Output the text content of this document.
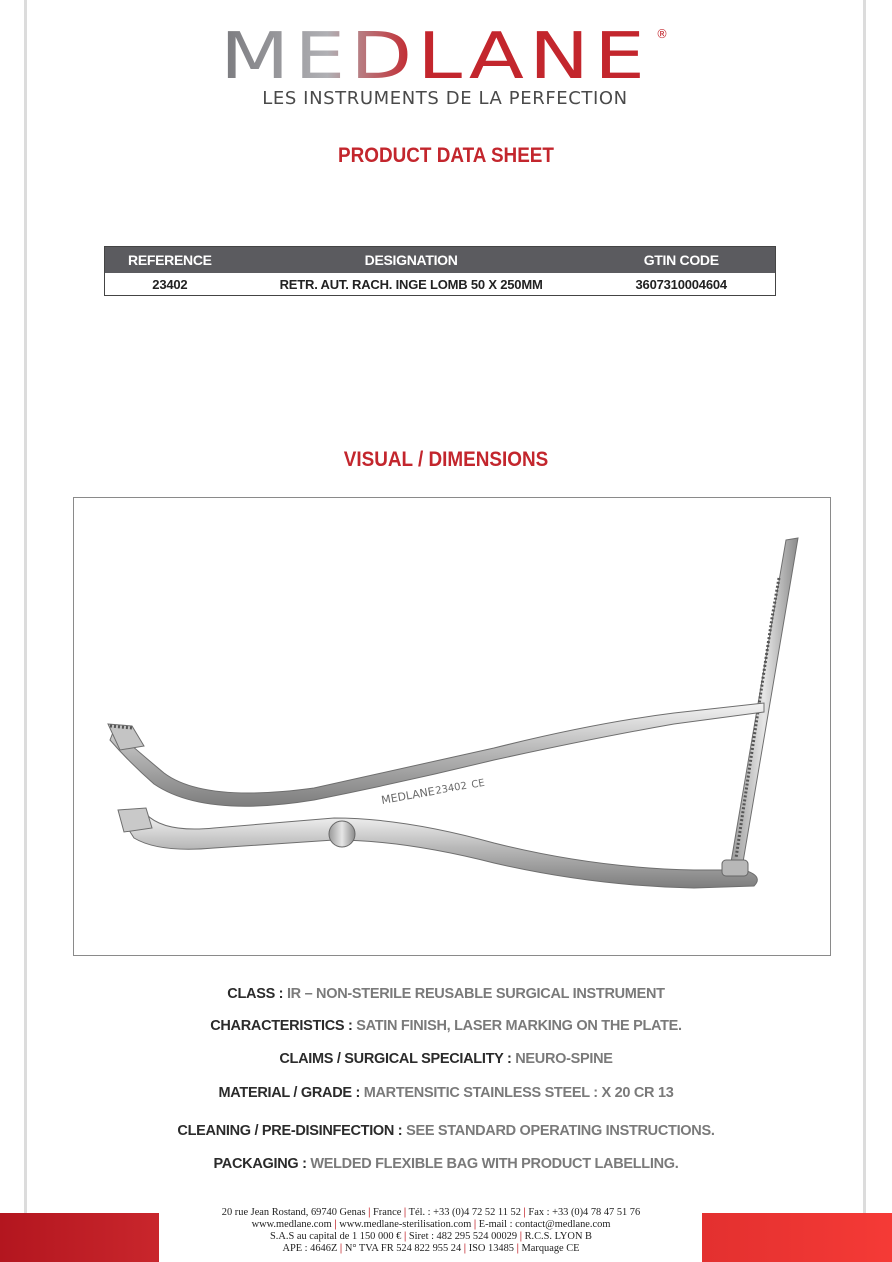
MEDLANE ®
LES INSTRUMENTS DE LA PERFECTION
PRODUCT DATA SHEET
REFERENCE	DESIGNATION	GTIN CODE
23402	RETR. AUT. RACH. INGE LOMB 50 X 250MM	3607310004604
VISUAL / DIMENSIONS
MEDLANE
23402 CE
CLASS : IR – NON-STERILE REUSABLE SURGICAL INSTRUMENT
CHARACTERISTICS : SATIN FINISH, LASER MARKING ON THE PLATE.
CLAIMS / SURGICAL SPECIALITY : NEURO-SPINE
MATERIAL / GRADE : MARTENSITIC STAINLESS STEEL : X 20 CR 13
CLEANING / PRE-DISINFECTION : SEE STANDARD OPERATING INSTRUCTIONS.
PACKAGING : WELDED FLEXIBLE BAG WITH PRODUCT LABELLING.
20 rue Jean Rostand, 69740 Genas | France | Tél. : +33 (0)4 72 52 11 52 | Fax : +33 (0)4 78 47 51 76
www.medlane.com | www.medlane-sterilisation.com | E-mail : contact@medlane.com
S.A.S au capital de 1 150 000 € | Siret : 482 295 524 00029 | R.C.S. LYON B
APE : 4646Z | N° TVA FR 524 822 955 24 | ISO 13485 | Marquage CE
